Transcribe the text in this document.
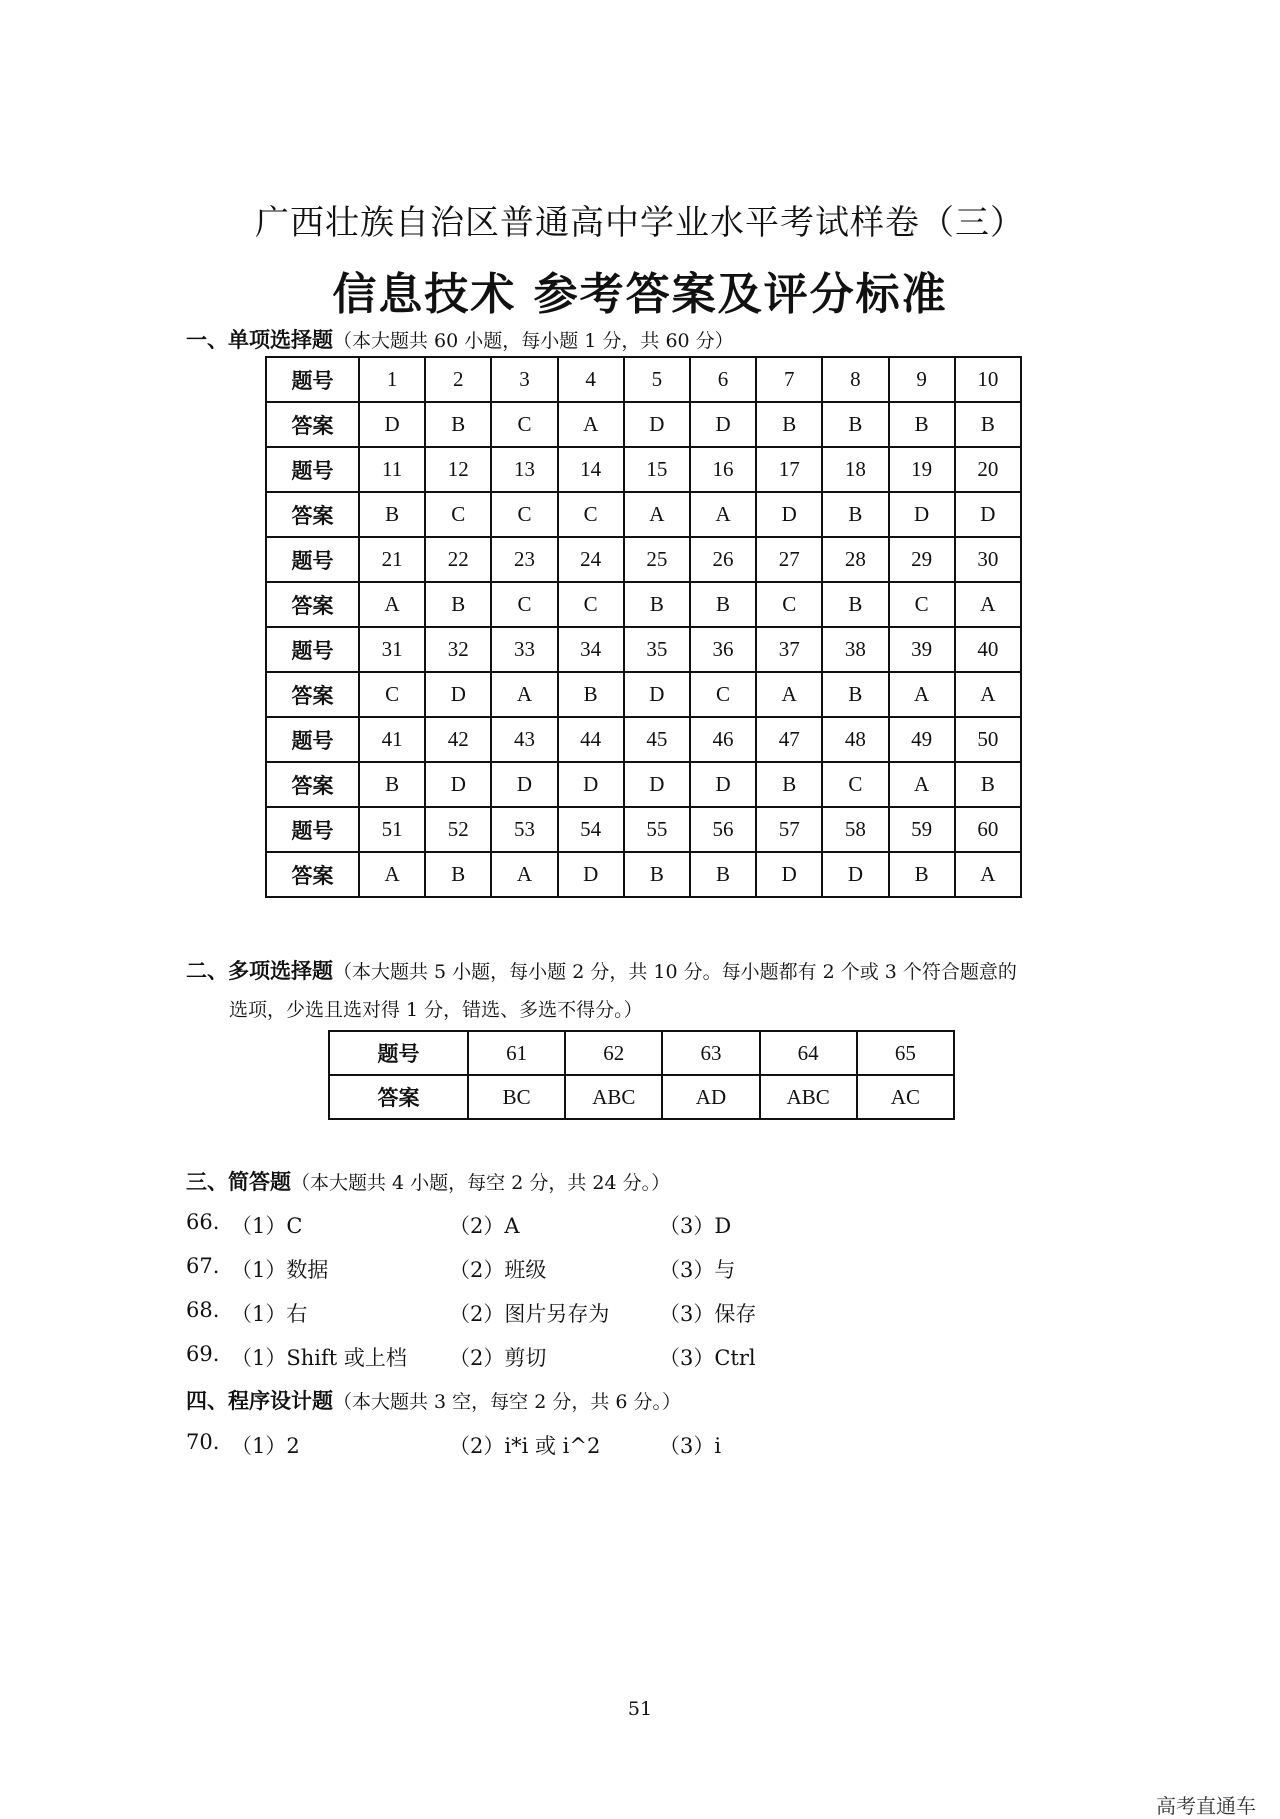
广西壮族自治区普通高中学业水平考试样卷（三）
信息技术 参考答案及评分标准
一、单项选择题（本大题共 60 小题，每小题 1 分，共 60 分）
题号	1	2	3	4	5	6	7	8	9	10
答案	D	B	C	A	D	D	B	B	B	B
题号	11	12	13	14	15	16	17	18	19	20
答案	B	C	C	C	A	A	D	B	D	D
题号	21	22	23	24	25	26	27	28	29	30
答案	A	B	C	C	B	B	C	B	C	A
题号	31	32	33	34	35	36	37	38	39	40
答案	C	D	A	B	D	C	A	B	A	A
题号	41	42	43	44	45	46	47	48	49	50
答案	B	D	D	D	D	D	B	C	A	B
题号	51	52	53	54	55	56	57	58	59	60
答案	A	B	A	D	B	B	D	D	B	A
二、多项选择题（本大题共 5 小题，每小题 2 分，共 10 分。每小题都有 2 个或 3 个符合题意的
选项，少选且选对得 1 分，错选、多选不得分。）
题号	61	62	63	64	65
答案	BC	ABC	AD	ABC	AC
三、简答题（本大题共 4 小题，每空 2 分，共 24 分。）
66. （1）C	（2）A	（3）D
67. （1）数据	（2）班级	（3）与
68. （1）右	（2）图片另存为 （3）保存
69. （1）Shift 或上档 （2）剪切	（3）Ctrl
四、程序设计题（本大题共 3 空，每空 2 分，共 6 分。）
70. （1）2	（2）i*i 或 i^2	（3）i
51
高考直通车
